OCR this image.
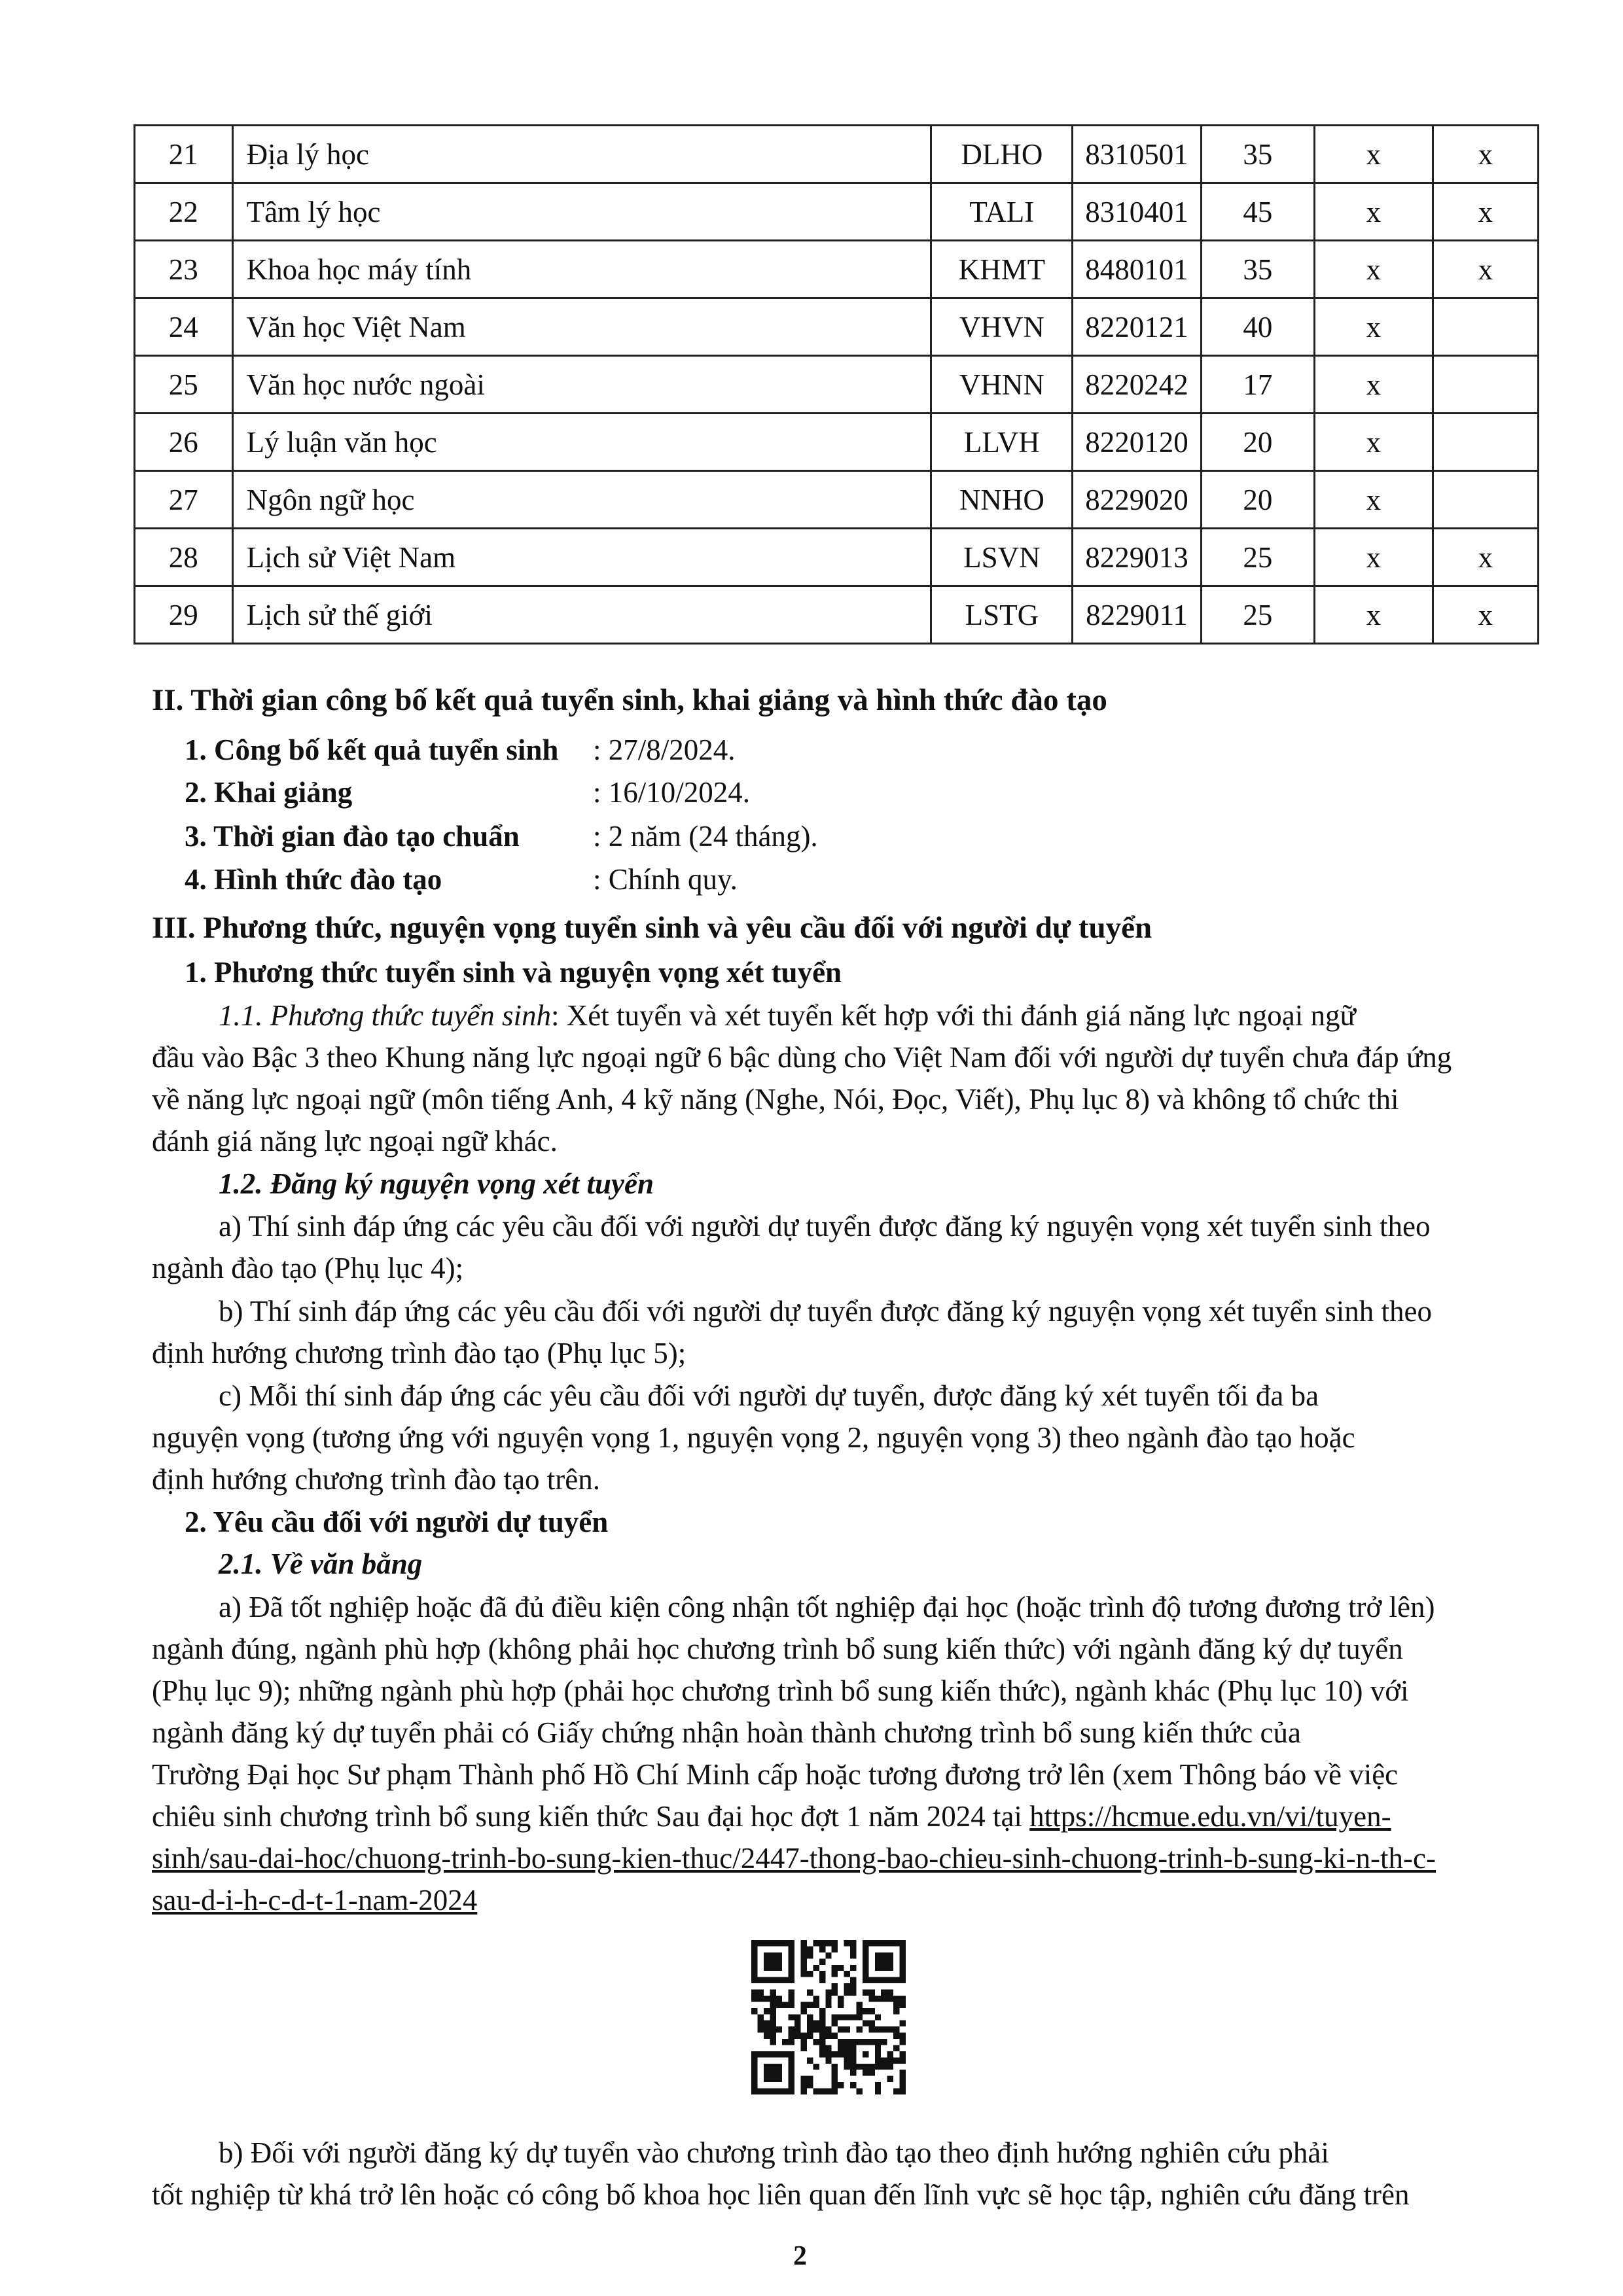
21	Địa lý học	DLHO	8310501	35	x	x
22	Tâm lý học	TALI	8310401	45	x	x
23	Khoa học máy tính	KHMT	8480101	35	x	x
24	Văn học Việt Nam	VHVN	8220121	40	x	
25	Văn học nước ngoài	VHNN	8220242	17	x	
26	Lý luận văn học	LLVH	8220120	20	x	
27	Ngôn ngữ học	NNHO	8229020	20	x	
28	Lịch sử Việt Nam	LSVN	8229013	25	x	x
29	Lịch sử thế giới	LSTG	8229011	25	x	x
II. Thời gian công bố kết quả tuyển sinh, khai giảng và hình thức đào tạo
1. Công bố kết quả tuyển sinh : 27/8/2024.
2. Khai giảng	: 16/10/2024.
3. Thời gian đào tạo chuẩn : 2 năm (24 tháng).
4. Hình thức đào tạo	: Chính quy.
III. Phương thức, nguyện vọng tuyển sinh và yêu cầu đối với người dự tuyển
1. Phương thức tuyển sinh và nguyện vọng xét tuyển
1.1. Phương thức tuyển sinh: Xét tuyển và xét tuyển kết hợp với thi đánh giá năng lực ngoại ngữ
đầu vào Bậc 3 theo Khung năng lực ngoại ngữ 6 bậc dùng cho Việt Nam đối với người dự tuyển chưa đáp ứng
về năng lực ngoại ngữ (môn tiếng Anh, 4 kỹ năng (Nghe, Nói, Đọc, Viết), Phụ lục 8) và không tổ chức thi
đánh giá năng lực ngoại ngữ khác.
1.2. Đăng ký nguyện vọng xét tuyển
a) Thí sinh đáp ứng các yêu cầu đối với người dự tuyển được đăng ký nguyện vọng xét tuyển sinh theo
ngành đào tạo (Phụ lục 4);
b) Thí sinh đáp ứng các yêu cầu đối với người dự tuyển được đăng ký nguyện vọng xét tuyển sinh theo
định hướng chương trình đào tạo (Phụ lục 5);
c) Mỗi thí sinh đáp ứng các yêu cầu đối với người dự tuyển, được đăng ký xét tuyển tối đa ba
nguyện vọng (tương ứng với nguyện vọng 1, nguyện vọng 2, nguyện vọng 3) theo ngành đào tạo hoặc
định hướng chương trình đào tạo trên.
2. Yêu cầu đối với người dự tuyển
2.1. Về văn bằng
a) Đã tốt nghiệp hoặc đã đủ điều kiện công nhận tốt nghiệp đại học (hoặc trình độ tương đương trở lên)
ngành đúng, ngành phù hợp (không phải học chương trình bổ sung kiến thức) với ngành đăng ký dự tuyển
(Phụ lục 9); những ngành phù hợp (phải học chương trình bổ sung kiến thức), ngành khác (Phụ lục 10) với
ngành đăng ký dự tuyển phải có Giấy chứng nhận hoàn thành chương trình bổ sung kiến thức của
Trường Đại học Sư phạm Thành phố Hồ Chí Minh cấp hoặc tương đương trở lên (xem Thông báo về việc
chiêu sinh chương trình bổ sung kiến thức Sau đại học đợt 1 năm 2024 tại https://hcmue.edu.vn/vi/tuyen-
sinh/sau-dai-hoc/chuong-trinh-bo-sung-kien-thuc/2447-thong-bao-chieu-sinh-chuong-trinh-b-sung-ki-n-th-c-
sau-d-i-h-c-d-t-1-nam-2024
b) Đối với người đăng ký dự tuyển vào chương trình đào tạo theo định hướng nghiên cứu phải
tốt nghiệp từ khá trở lên hoặc có công bố khoa học liên quan đến lĩnh vực sẽ học tập, nghiên cứu đăng trên
2
